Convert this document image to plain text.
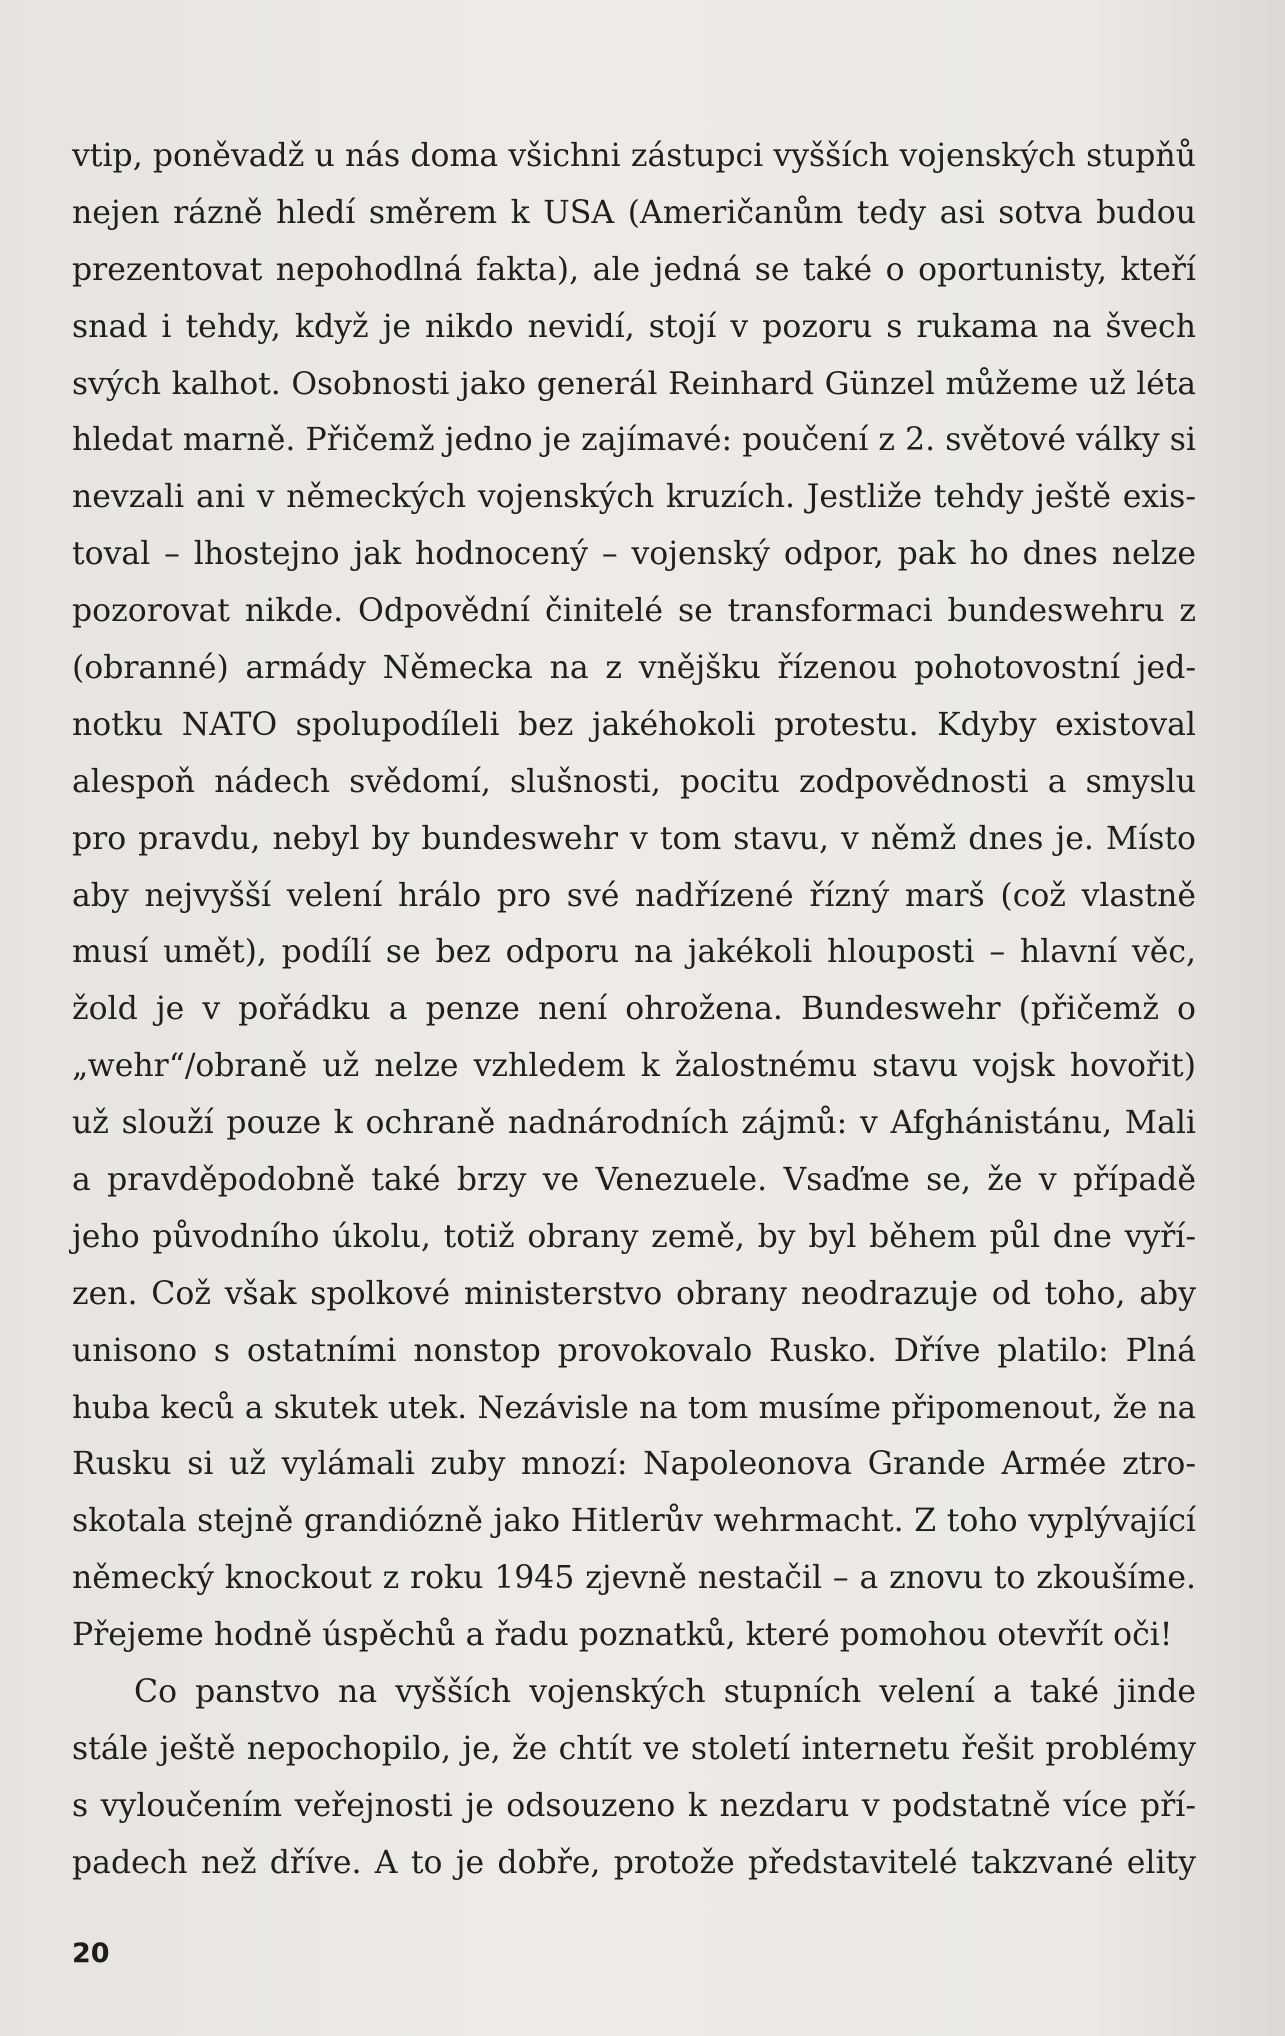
vtip, poněvadž u nás doma všichni zástupci vyšších vojenských stupňů
nejen rázně hledí směrem k USA (Američanům tedy asi sotva budou
prezentovat nepohodlná fakta), ale jedná se také o oportunisty, kteří
snad i tehdy, když je nikdo nevidí, stojí v pozoru s rukama na švech
svých kalhot. Osobnosti jako generál Reinhard Günzel můžeme už léta
hledat marně. Přičemž jedno je zajímavé: poučení z 2. světové války si
nevzali ani v německých vojenských kruzích. Jestliže tehdy ještě exis-
toval – lhostejno jak hodnocený – vojenský odpor, pak ho dnes nelze
pozorovat nikde. Odpovědní činitelé se transformaci bundeswehru z
(obranné) armády Německa na z vnějšku řízenou pohotovostní jed-
notku NATO spolupodíleli bez jakéhokoli protestu. Kdyby existoval
alespoň nádech svědomí, slušnosti, pocitu zodpovědnosti a smyslu
pro pravdu, nebyl by bundeswehr v tom stavu, v němž dnes je. Místo
aby nejvyšší velení hrálo pro své nadřízené řízný marš (což vlastně
musí umět), podílí se bez odporu na jakékoli hlouposti – hlavní věc,
žold je v pořádku a penze není ohrožena. Bundeswehr (přičemž o
„wehr“/obraně už nelze vzhledem k žalostnému stavu vojsk hovořit)
už slouží pouze k ochraně nadnárodních zájmů: v Afghánistánu, Mali
a pravděpodobně také brzy ve Venezuele. Vsaďme se, že v případě
jeho původního úkolu, totiž obrany země, by byl během půl dne vyří-
zen. Což však spolkové ministerstvo obrany neodrazuje od toho, aby
unisono s ostatními nonstop provokovalo Rusko. Dříve platilo: Plná
huba keců a skutek utek. Nezávisle na tom musíme připomenout, že na
Rusku si už vylámali zuby mnozí: Napoleonova Grande Armée ztro-
skotala stejně grandiózně jako Hitlerův wehrmacht. Z toho vyplývající
německý knockout z roku 1945 zjevně nestačil – a znovu to zkoušíme.
Přejeme hodně úspěchů a řadu poznatků, které pomohou otevřít oči!
Co panstvo na vyšších vojenských stupních velení a také jinde
stále ještě nepochopilo, je, že chtít ve století internetu řešit problémy
s vyloučením veřejnosti je odsouzeno k nezdaru v podstatně více pří-
padech než dříve. A to je dobře, protože představitelé takzvané elity
20
